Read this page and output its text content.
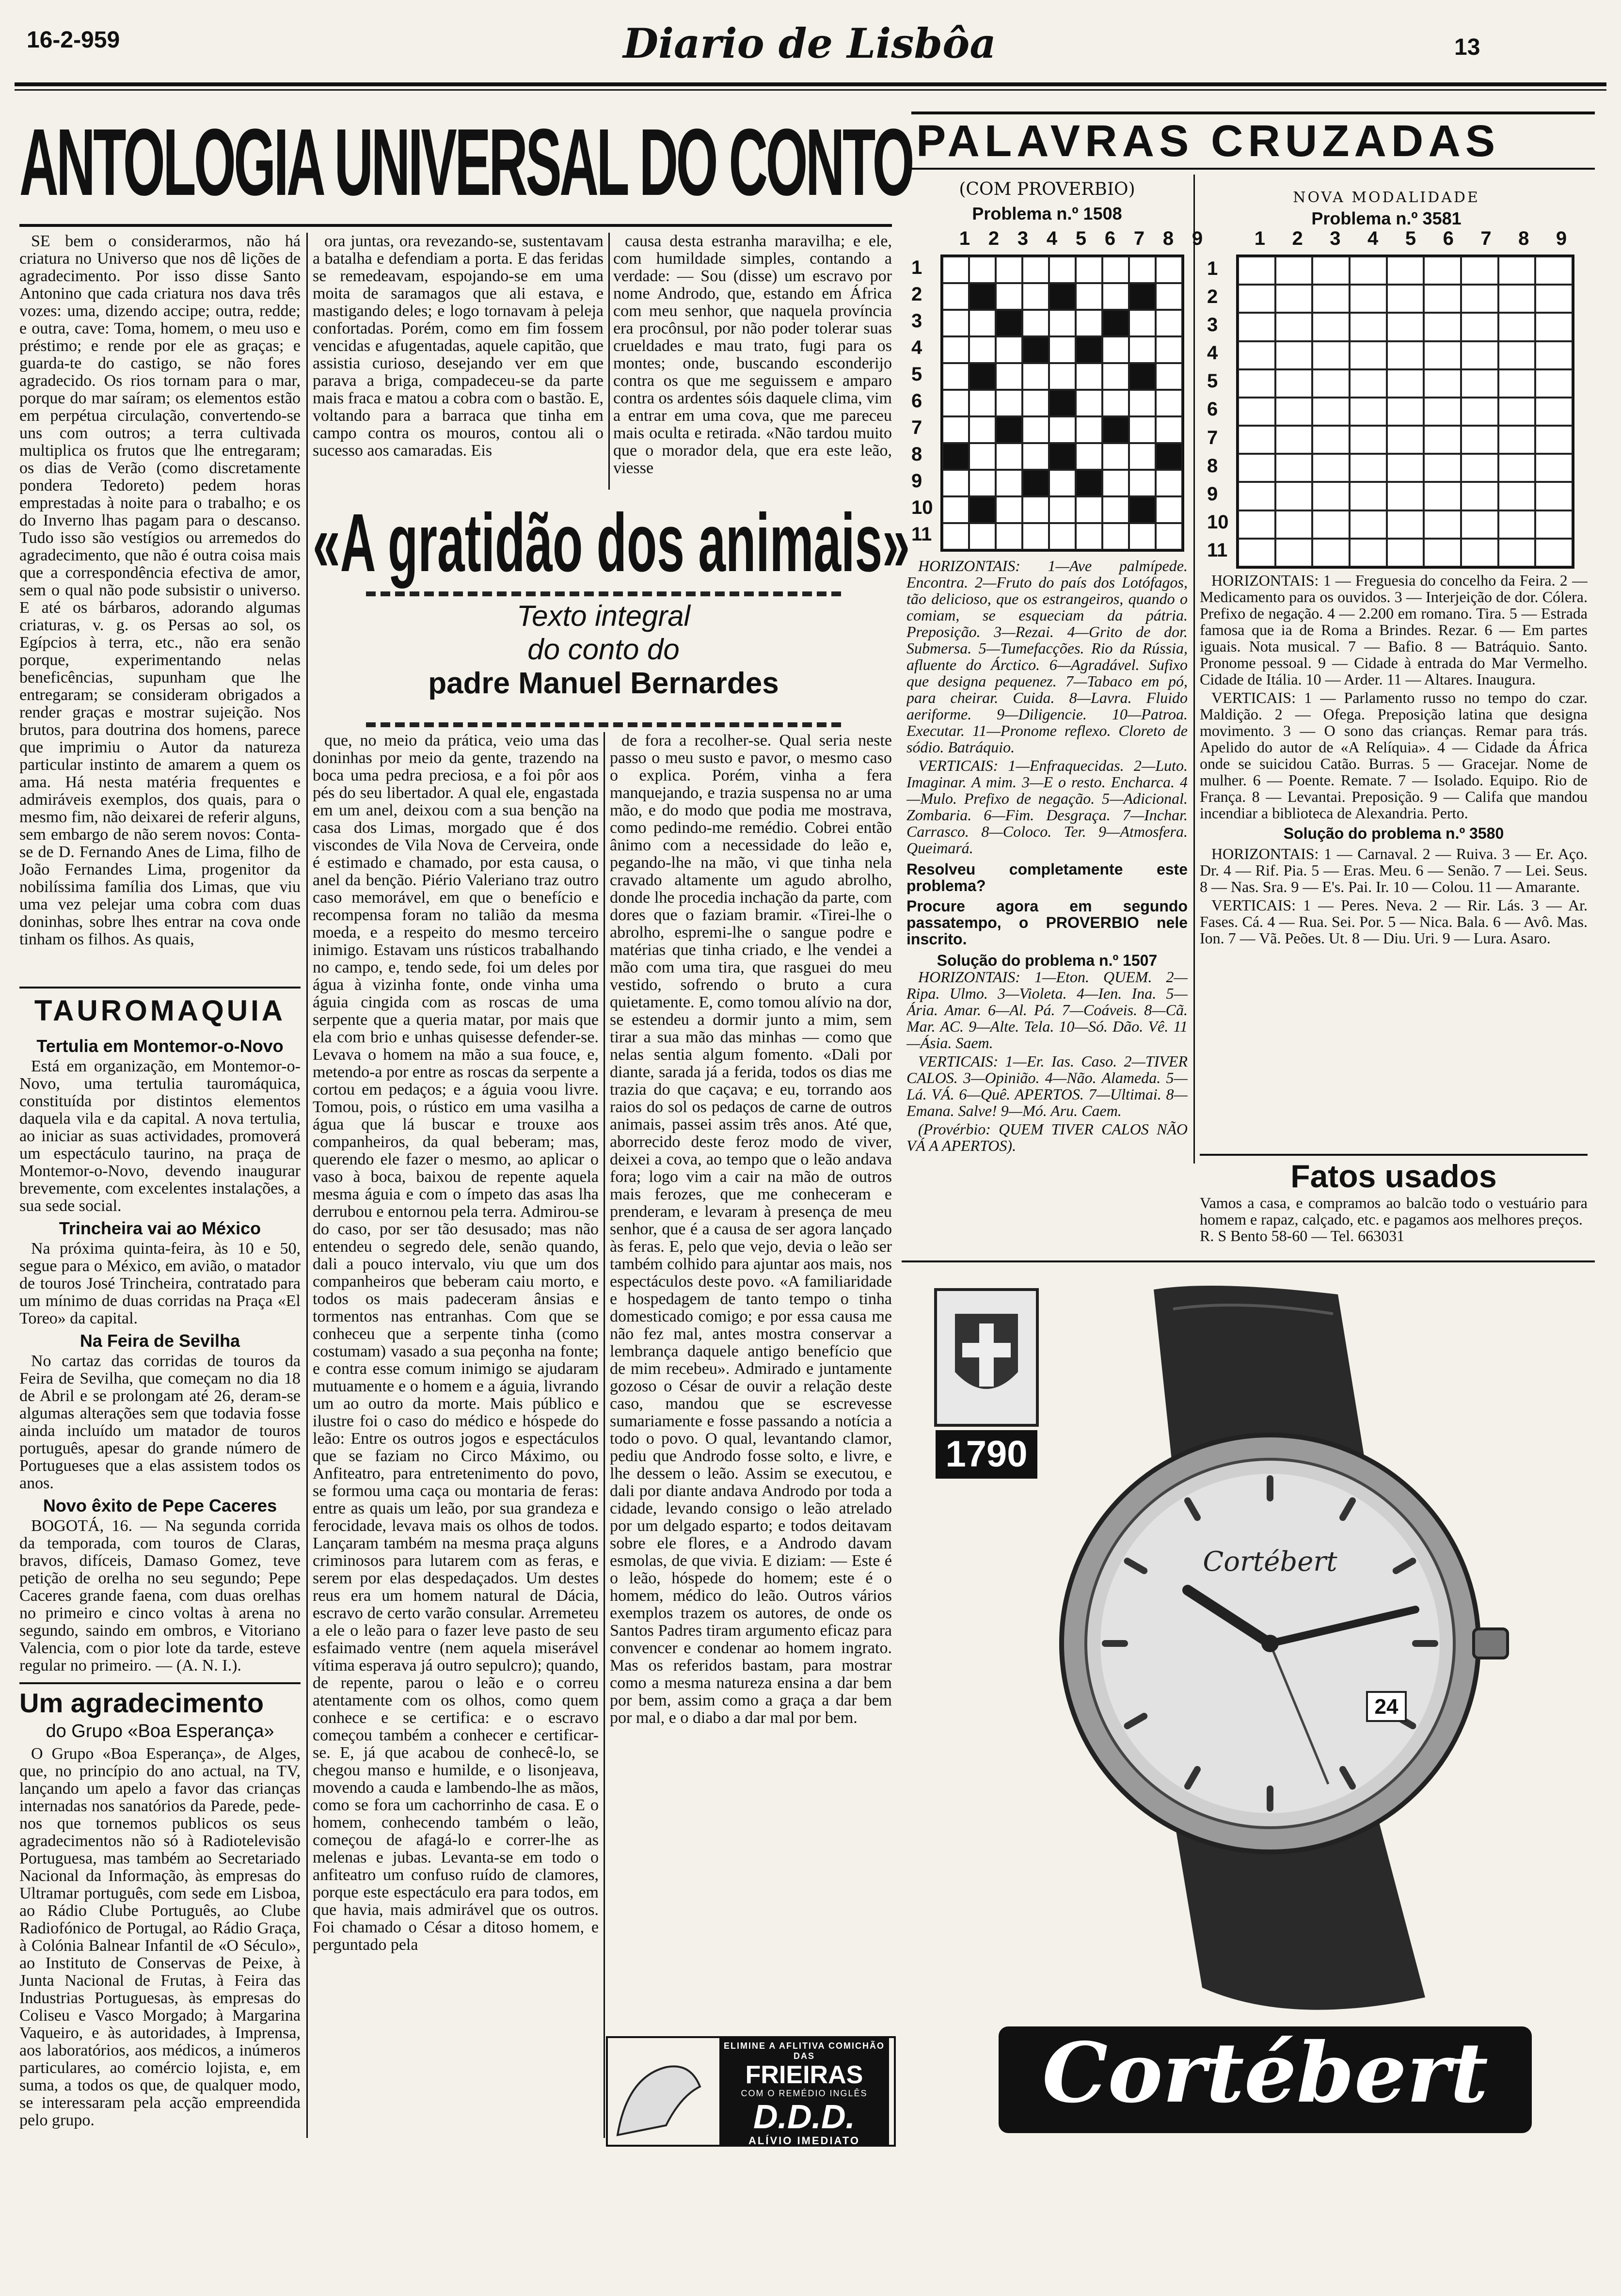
16-2-959	Diario de Lisbôa	13
ANTOLOGIA UNIVERSAL DO CONTO

SE bem o considerarmos, não há criatura no Universo que nos dê lições de agradecimento. Por isso disse Santo Antonino que cada criatura nos dava três vozes: uma, dizendo accipe; outra, redde; e outra, cave: Toma, homem, o meu uso e préstimo; e rende por ele as graças; e guarda-te do castigo, se não fores agradecido. Os rios tornam para o mar, porque do mar saíram; os elementos estão em perpétua circulação, convertendo-se uns com outros; a terra cultivada multiplica os frutos que lhe entregaram; os dias de Verão (como discretamente pondera Tedoreto) pedem horas emprestadas à noite para o trabalho; e os do Inverno lhas pagam para o descanso. Tudo isso são vestígios ou arremedos do agradecimento, que não é outra coisa mais que a correspondência efectiva de amor, sem o qual não pode subsistir o universo. E até os bárbaros, adorando algumas criaturas, v. g. os Persas ao sol, os Egípcios à terra, etc., não era senão porque, experimentando nelas beneficências, supunham que lhe entregaram; se consideram obrigados a render graças e mostrar sujeição. Nos brutos, para doutrina dos homens, parece que imprimiu o Autor da natureza particular instinto de amarem a quem os ama. Há nesta matéria frequentes e admiráveis exemplos, dos quais, para o mesmo fim, não deixarei de referir alguns, sem embargo de não serem novos: Conta-se de D. Fernando Anes de Lima, filho de João Fernandes Lima, progenitor da nobilíssima família dos Limas, que viu uma vez pelejar uma cobra com duas doninhas, sobre lhes entrar na cova onde tinham os filhos. As quais,

ora juntas, ora revezando-se, sustentavam a batalha e defendiam a porta. E das feridas se remedeavam, espojando-se em uma moita de saramagos que ali estava, e mastigando deles; e logo tornavam à peleja confortadas. Porém, como em fim fossem vencidas e afugentadas, aquele capitão, que assistia curioso, desejando ver em que parava a briga, compadeceu-se da parte mais fraca e matou a cobra com o bastão. E, voltando para a barraca que tinha em campo contra os mouros, contou ali o sucesso aos camaradas. Eis

causa desta estranha maravilha; e ele, com humildade simples, contando a verdade: — Sou (disse) um escravo por nome Androdo, que, estando em África com meu senhor, que naquela província era procônsul, por não poder tolerar suas crueldades e mau trato, fugi para os montes; onde, buscando esconderijo contra os que me seguissem e amparo contra os ardentes sóis daquele clima, vim a entrar em uma cova, que me pareceu mais oculta e retirada. «Não tardou muito que o morador dela, que era este leão, viesse

«A gratidão dos animais»
Texto integral
do conto do
padre Manuel Bernardes

que, no meio da prática, veio uma das doninhas por meio da gente, trazendo na boca uma pedra preciosa, e a foi pôr aos pés do seu libertador. A qual ele, engastada em um anel, deixou com a sua benção na casa dos Limas, morgado que é dos viscondes de Vila Nova de Cerveira, onde é estimado e chamado, por esta causa, o anel da benção. Piério Valeriano traz outro caso memorável, em que o benefício e recompensa foram no talião da mesma moeda, e a respeito do mesmo terceiro inimigo. Estavam uns rústicos trabalhando no campo, e, tendo sede, foi um deles por água à vizinha fonte, onde vinha uma águia cingida com as roscas de uma serpente que a queria matar, por mais que ela com brio e unhas quisesse defender-se. Levava o homem na mão a sua fouce, e, metendo-a por entre as roscas da serpente a cortou em pedaços; e a águia voou livre. Tomou, pois, o rústico em uma vasilha a água que lá buscar e trouxe aos companheiros, da qual beberam; mas, querendo ele fazer o mesmo, ao aplicar o vaso à boca, baixou de repente aquela mesma águia e com o ímpeto das asas lha derrubou e entornou pela terra. Admirou-se do caso, por ser tão desusado; mas não entendeu o segredo dele, senão quando, dali a pouco intervalo, viu que um dos companheiros que beberam caiu morto, e todos os mais padeceram ânsias e tormentos nas entranhas. Com que se conheceu que a serpente tinha (como costumam) vasado a sua peçonha na fonte; e contra esse comum inimigo se ajudaram mutuamente e o homem e a águia, livrando um ao outro da morte. Mais público e ilustre foi o caso do médico e hóspede do leão: Entre os outros jogos e espectáculos que se faziam no Circo Máximo, ou Anfiteatro, para entretenimento do povo, se formou uma caça ou montaria de feras: entre as quais um leão, por sua grandeza e ferocidade, levava mais os olhos de todos. Lançaram também na mesma praça alguns criminosos para lutarem com as feras, e serem por elas despedaçados. Um destes reus era um homem natural de Dácia, escravo de certo varão consular. Arremeteu a ele o leão para o fazer leve pasto de seu esfaimado ventre (nem aquela miserável vítima esperava já outro sepulcro); quando, de repente, parou o leão e o correu atentamente com os olhos, como quem conhece e se certifica: e o escravo começou também a conhecer e certificar-se. E, já que acabou de conhecê-lo, se chegou manso e humilde, e o lisonjeava, movendo a cauda e lambendo-lhe as mãos, como se fora um cachorrinho de casa. E o homem, conhecendo também o leão, começou de afagá-lo e correr-lhe as melenas e jubas. Levanta-se em todo o anfiteatro um confuso ruído de clamores, porque este espectáculo era para todos, em que havia, mais admirável que os outros. Foi chamado o César a ditoso homem, e perguntado pela

de fora a recolher-se. Qual seria neste passo o meu susto e pavor, o mesmo caso o explica. Porém, vinha a fera manquejando, e trazia suspensa no ar uma mão, e do modo que podia me mostrava, como pedindo-me remédio. Cobrei então ânimo com a necessidade do leão e, pegando-lhe na mão, vi que tinha nela cravado altamente um agudo abrolho, donde lhe procedia inchação da parte, com dores que o faziam bramir. «Tirei-lhe o abrolho, espremi-lhe o sangue podre e matérias que tinha criado, e lhe vendei a mão com uma tira, que rasguei do meu vestido, sofrendo o bruto a cura quietamente. E, como tomou alívio na dor, se estendeu a dormir junto a mim, sem tirar a sua mão das minhas — como que nelas sentia algum fomento. «Dali por diante, sarada já a ferida, todos os dias me trazia do que caçava; e eu, torrando aos raios do sol os pedaços de carne de outros animais, passei assim três anos. Até que, aborrecido deste feroz modo de viver, deixei a cova, ao tempo que o leão andava fora; logo vim a cair na mão de outros mais ferozes, que me conheceram e prenderam, e levaram à presença de meu senhor, que é a causa de ser agora lançado às feras. E, pelo que vejo, devia o leão ser também colhido para ajuntar aos mais, nos espectáculos deste povo. «A familiaridade e hospedagem de tanto tempo o tinha domesticado comigo; e por essa causa me não fez mal, antes mostra conservar a lembrança daquele antigo benefício que de mim recebeu». Admirado e juntamente gozoso o César de ouvir a relação deste caso, mandou que se escrevesse sumariamente e fosse passando a notícia a todo o povo. O qual, levantando clamor, pediu que Androdo fosse solto, e livre, e lhe dessem o leão. Assim se executou, e dali por diante andava Androdo por toda a cidade, levando consigo o leão atrelado por um delgado esparto; e todos deitavam sobre ele flores, e a Androdo davam esmolas, de que vivia. E diziam: — Este é o leão, hóspede do homem; este é o homem, médico do leão. Outros vários exemplos trazem os autores, de onde os Santos Padres tiram argumento eficaz para convencer e condenar ao homem ingrato. Mas os referidos bastam, para mostrar como a mesma natureza ensina a dar bem por bem, assim como a graça a dar bem por mal, e o diabo a dar mal por bem.

TAUROMAQUIA
Tertulia em Montemor-o-Novo

Está em organização, em Montemor-o-Novo, uma tertulia tauromáquica, constituída por distintos elementos daquela vila e da capital. A nova tertulia, ao iniciar as suas actividades, promoverá um espectáculo taurino, na praça de Montemor-o-Novo, devendo inaugurar brevemente, com excelentes instalações, a sua sede social.

Trincheira vai ao México

Na próxima quinta-feira, às 10 e 50, segue para o México, em avião, o matador de touros José Trincheira, contratado para um mínimo de duas corridas na Praça «El Toreo» da capital.

Na Feira de Sevilha

No cartaz das corridas de touros da Feira de Sevilha, que começam no dia 18 de Abril e se prolongam até 26, deram-se algumas alterações sem que todavia fosse ainda incluído um matador de touros português, apesar do grande número de Portugueses que a elas assistem todos os anos.

Novo êxito de Pepe Caceres

BOGOTÁ, 16. — Na segunda corrida da temporada, com touros de Claras, bravos, difíceis, Damaso Gomez, teve petição de orelha no seu segundo; Pepe Caceres grande faena, com duas orelhas no primeiro e cinco voltas à arena no segundo, saindo em ombros, e Vitoriano Valencia, com o pior lote da tarde, esteve regular no primeiro. — (A. N. I.).

Um agradecimento
do Grupo «Boa Esperança»

O Grupo «Boa Esperança», de Alges, que, no princípio do ano actual, na TV, lançando um apelo a favor das crianças internadas nos sanatórios da Parede, pede-nos que tornemos publicos os seus agradecimentos não só à Radiotelevisão Portuguesa, mas também ao Secretariado Nacional da Informação, às empresas do Ultramar português, com sede em Lisboa, ao Rádio Clube Português, ao Clube Radiofónico de Portugal, ao Rádio Graça, à Colónia Balnear Infantil de «O Século», ao Instituto de Conservas de Peixe, à Junta Nacional de Frutas, à Feira das Industrias Portuguesas, às empresas do Coliseu e Vasco Morgado; à Margarina Vaqueiro, e às autoridades, à Imprensa, aos laboratórios, aos médicos, a inúmeros particulares, ao comércio lojista, e, em suma, a todos os que, de qualquer modo, se interessaram pela acção empreendida pelo grupo.

PALAVRAS CRUZADAS
(COM PROVERBIO)
Problema n.º 1508
NOVA MODALIDADE
Problema n.º 3581
1 2 3 4 5 6 7 8 9
1
2
3
4
5
6
7
8
9
10
11
1 2 3 4 5 6 7 8 9
1
2
3
4
5
6
7
8
9
10
11

HORIZONTAIS: 1—Ave palmípede. Encontra. 2—Fruto do país dos Lotófagos, tão delicioso, que os estrangeiros, quando o comiam, se esqueciam da pátria. Preposição. 3—Rezai. 4—Grito de dor. Submersa. 5—Tumefacções. Rio da Rússia, afluente do Árctico. 6—Agradável. Sufixo que designa pequenez. 7—Tabaco em pó, para cheirar. Cuida. 8—Lavra. Fluido aeriforme. 9—Diligencie. 10—Patroa. Executar. 11—Pronome reflexo. Cloreto de sódio. Batráquio.

VERTICAIS: 1—Enfraquecidas. 2—Luto. Imaginar. A mim. 3—E o resto. Encharca. 4—Mulo. Prefixo de negação. 5—Adicional. Zombaria. 6—Fim. Desgraça. 7—Inchar. Carrasco. 8—Coloco. Ter. 9—Atmosfera. Queimará.

Resolveu completamente este problema?
Procure agora em segundo passatempo, o PROVERBIO nele inscrito.
Solução do problema n.º 1507

HORIZONTAIS: 1—Eton. QUEM. 2—Ripa. Ulmo. 3—Violeta. 4—Ien. Ina. 5—Ária. Amar. 6—Al. Pá. 7—Coáveis. 8—Cã. Mar. AC. 9—Alte. Tela. 10—Só. Dão. Vê. 11—Ásia. Saem.

VERTICAIS: 1—Er. Ias. Caso. 2—TIVER CALOS. 3—Opinião. 4—Não. Alameda. 5—Lá. VÁ. 6—Quê. APERTOS. 7—Ultimai. 8—Emana. Salve! 9—Mó. Aru. Caem.

(Provérbio: QUEM TIVER CALOS NÃO VÁ A APERTOS).

HORIZONTAIS: 1 — Freguesia do concelho da Feira. 2 — Medicamento para os ouvidos. 3 — Interjeição de dor. Cólera. Prefixo de negação. 4 — 2.200 em romano. Tira. 5 — Estrada famosa que ia de Roma a Brindes. Rezar. 6 — Em partes iguais. Nota musical. 7 — Bafio. 8 — Batráquio. Santo. Pronome pessoal. 9 — Cidade à entrada do Mar Vermelho. Cidade de Itália. 10 — Arder. 11 — Altares. Inaugura.

VERTICAIS: 1 — Parlamento russo no tempo do czar. Maldição. 2 — Ofega. Preposição latina que designa movimento. 3 — O sono das crianças. Remar para trás. Apelido do autor de «A Relíquia». 4 — Cidade da África onde se suicidou Catão. Burras. 5 — Gracejar. Nome de mulher. 6 — Poente. Remate. 7 — Isolado. Equipo. Rio de França. 8 — Levantai. Preposição. 9 — Califa que mandou incendiar a biblioteca de Alexandria. Perto.

Solução do problema n.º 3580

HORIZONTAIS: 1 — Carnaval. 2 — Ruiva. 3 — Er. Aço. Dr. 4 — Rif. Pia. 5 — Eras. Meu. 6 — Senão. 7 — Lei. Seus. 8 — Nas. Sra. 9 — E's. Pai. Ir. 10 — Colou. 11 — Amarante.

VERTICAIS: 1 — Peres. Neva. 2 — Rir. Lás. 3 — Ar. Fases. Cá. 4 — Rua. Sei. Por. 5 — Nica. Bala. 6 — Avô. Mas. Ion. 7 — Vã. Peões. Ut. 8 — Diu. Uri. 9 — Lura. Asaro.

Fatos usados
Vamos a casa, e compramos ao balcão todo o vestuário para homem e rapaz, calçado, etc. e pagamos aos melhores preços.
R. S Bento 58-60 — Tel. 663031
24
Cortébert
1790
Cortébert
ELIMINE A AFLITIVA COMICHÃO DAS
FRIEIRAS
COM O REMÉDIO INGLÊS
D.D.D.
ALÍVIO IMEDIATO
